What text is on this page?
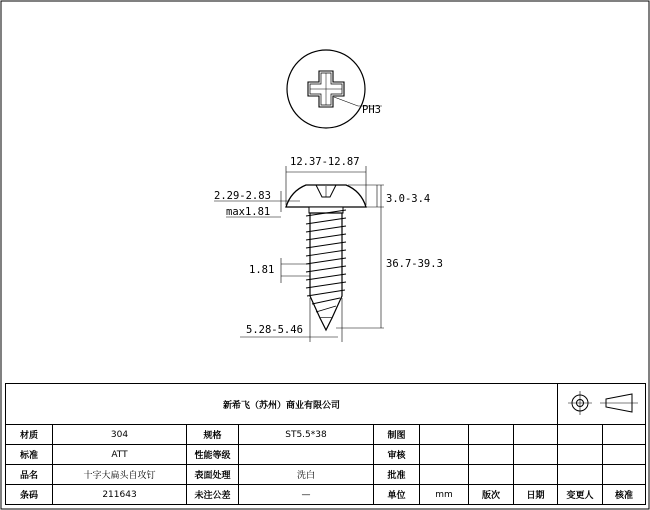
PH3
12.37-12.87
2.29-2.83
max1.81
1.81
3.0-3.4
36.7-39.3
5.28-5.46
新希飞（苏州）商业有限公司	
材质	304	规格	ST5.5*38	制图					
标准	ATT	性能等级		审核					
品名	十字大扁头自攻钉	表面处理	洗白	批准					
条码	211643	未注公差	—	单位	mm	版次	日期	变更人	核准
